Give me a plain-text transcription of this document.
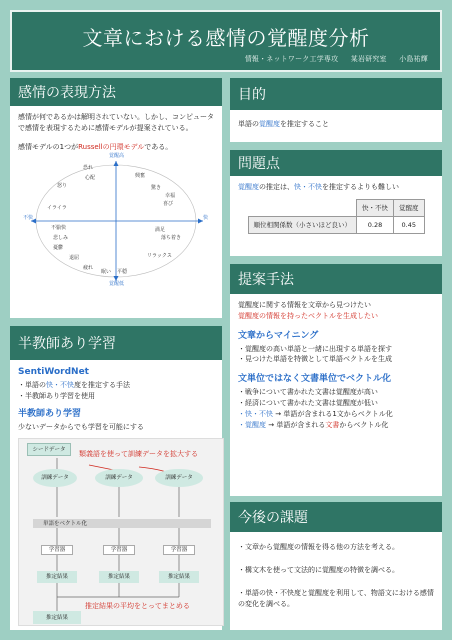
文章における感情の覚醒度分析
情報・ネットワーク工学専攻 某岩研究室 小島祐輝
感情の表現方法
感情が何であるかは解明されていない。しかし、コンピュータで感情を表現するために感情モデルが提案されている。
感情モデルの1つがRussellの円環モデルである。
覚醒高
覚醒低
不快	快
恐れ
怒り
心配	興奮
驚き
喜び
幸福
イライラ
不愉快	満足
落ち着き
悲しみ
憂鬱
退屈
疲れ
眠い
リラックス
平穏
半教師あり学習
SentiWordNet
・単語の快・不快度を推定する手法
・半教師あり学習を使用
半教師あり学習
少ないデータからでも学習を可能にする
シードデータ
類義語を使って訓練データを拡大する
訓練データ	訓練データ	訓練データ
単語をベクトル化
学習器	学習器	学習器
推定結果	推定結果	推定結果
推定結果の平均をとってまとめる
推定結果
目的
単語の覚醒度を推定すること
問題点
覚醒度の推定は、快・不快を推定するよりも難しい
	快・不快	覚醒度
順位相関係数（小さいほど良い）	0.28	0.45
提案手法
覚醒度に関する情報を文章から見つけたい
覚醒度の情報を持ったベクトルを生成したい
文章からマイニング
・覚醒度の高い単語と一緒に出現する単語を探す
・見つけた単語を特徴として単語ベクトルを生成
文単位ではなく文書単位でベクトル化
・戦争について書かれた文書は覚醒度が高い
・経済について書かれた文書は覚醒度が低い
・快・不快 → 単語が含まれる1文からベクトル化
・覚醒度 → 単語が含まれる文書からベクトル化
今後の課題
・文章から覚醒度の情報を得る他の方法を考える。
・構文木を使って文法的に覚醒度の特徴を調べる。
・単語の快・不快度と覚醒度を利用して、物語文における感情の変化を調べる。
